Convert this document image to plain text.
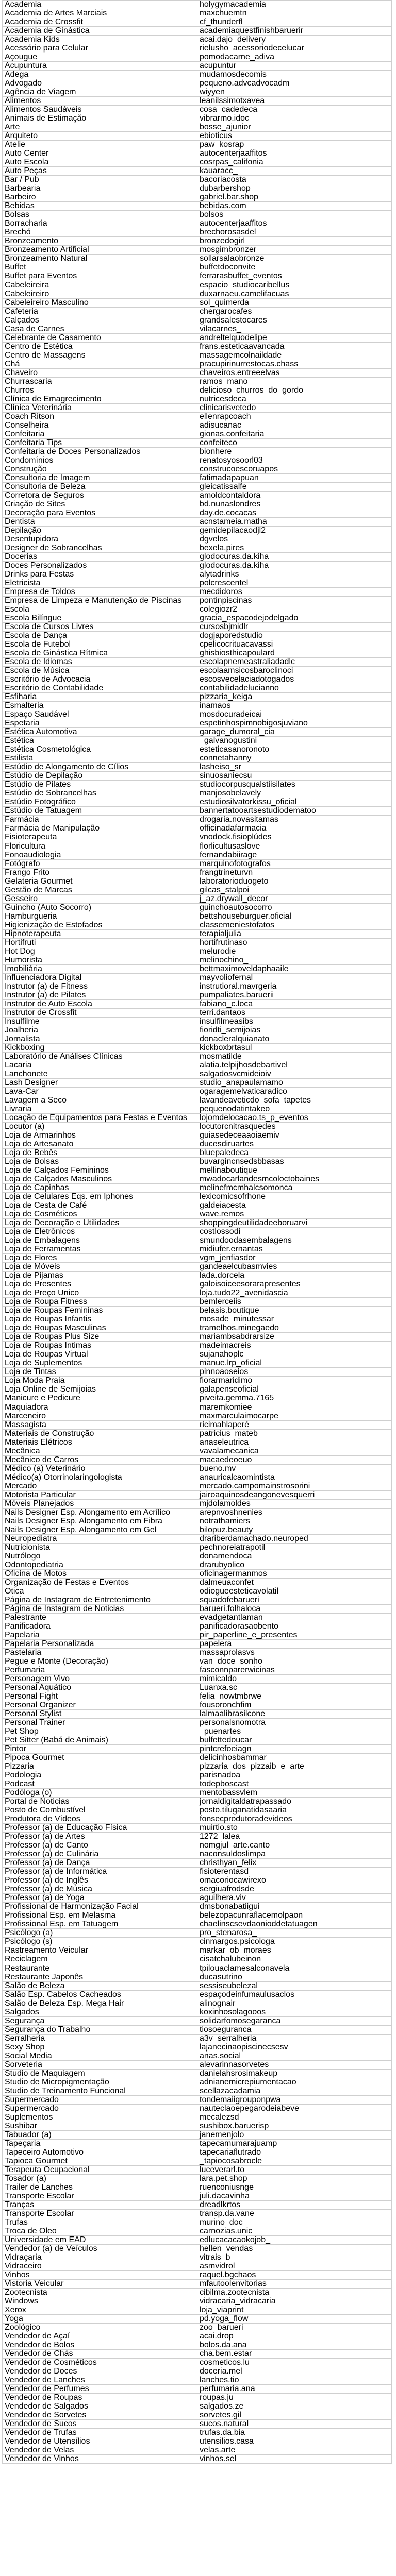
Academia	holygymacademia
Academia de Artes Marciais	maxchuemtn
Academia de Crossfit	cf_thunderfl
Academia de Ginástica	academiaquestfinishbaruerir
Academia Kids	acai.dajo_delivery
Acessório para Celular	rielusho_acessoriodecelucar
Açougue	pomodacarne_adiva
Acupuntura	acupuntur
Adega	mudamosdecomis
Advogado	pequeno.advcadvocadm
Agência de Viagem	wiyyen
Alimentos	leanilssimotxavea
Alimentos Saudáveis	cosa_cadedeca
Animais de Estimação	vibrarmo.idoc
Arte	bosse_ajunior
Arquiteto	ebioticus
Atelie	paw_kosrap
Auto Center	autocenterjaaffitos
Auto Escola	cosrpas_califonia
Auto Peças	kauaracc_
Bar / Pub	bacoriacosta_
Barbearia	dubarbershop
Barbeiro	gabriel.bar.shop
Bebidas	bebidas.com
Bolsas	bolsos
Borracharia	autocenterjaaffitos
Brechó	brechorosasdel
Bronzeamento	bronzedogirl
Bronzeamento Artificial	mosgimbronzer
Bronzeamento Natural	sollarsalaobronze
Buffet	buffetdoconvite
Buffet para Eventos	ferrarasbuffet_eventos
Cabeleireira	espacio_studiocaribellus
Cabeleireiro	duxarnaeu.camelifacuas
Cabeleireiro Masculino	sol_quimerda
Cafeteria	chergarocafes
Calçados	grandsalestocares
Casa de Carnes	vilacarnes_
Celebrante de Casamento	andreltelquodelipe
Centro de Estética	frans.esteticaavancada
Centro de Massagens	massagemcolnaildade
Chá	pracupirinurrestocas.chass
Chaveiro	chaveiros.entreeelvas
Churrascaria	ramos_mano
Churros	delicioso_churros_do_gordo
Clínica de Emagrecimento	nutricesdeca
Clínica Veterinária	clinicarisvetedo
Coach Ritson	ellenrapcoach
Conselheira	adisucanac
Confeitaria	gionas.confeitaria
Confeitaria Tips	confeiteco
Confeitaria de Doces Personalizados	bionhere
Condomínios	renatosyosoorl03
Construção	construcoescoruapos
Consultoria de Imagem	fatimadapapuan
Consultoria de Beleza	gleicatissalfe
Corretora de Seguros	amoldcontaldora
Criação de Sites	bd.nunaslondres
Decoração para Eventos	day.de.cocacas
Dentista	acnstameia.matha
Depilação	gemidepilacaodjl2
Desentupidora	dgvelos
Designer de Sobrancelhas	bexela.pires
Docerias	glodocuras.da.kiha
Doces Personalizados	glodocuras.da.kiha
Drinks para Festas	alytadrinks_
Eletricista	polcrescentel
Empresa de Toldos	mecdidoros
Empresa de Limpeza e Manutenção de Piscinas	pontinpiscinas
Escola	colegiozr2
Escola Bilíngue	gracia_espacodejodelgado
Escola de Cursos Livres	cursosbjmidlr
Escola de Dança	dogjaporedstudio
Escola de Futebol	cpelicocrituacavassi
Escola de Ginástica Rítmica	ghisbiosthicapoulard
Escola de Idiomas	escolapnemeastraliadadlc
Escola de Música	escolaamsicosbaroclinoci
Escritório de Advocacia	escosvecelaciadotogados
Escritório de Contabilidade	contabilidadelucianno
Esfiharia	pizzaria_keiga
Esmalteria	inamaos
Espaço Saudável	mosdocuradeicai
Espetaria	espetinhospimnobigosjuviano
Estética Automotiva	garage_dumoral_cia
Estética	_galvanogustini
Estética Cosmetológica	esteticasanoronoto
Estilista	connetahanny
Estúdio de Alongamento de Cílios	lasheiso_sr
Estúdio de Depilação	sinuosaniecsu
Estúdio de Pilates	studiocorpusqualstiisilates
Estúdio de Sobrancelhas	manjosobelavely
Estúdio Fotográfico	estudiosilvatorkissu_oficial
Estúdio de Tatuagem	bannertatooartsestudiodematoo
Farmácia	drogaria.novasitamas
Farmácia de Manipulação	officinadafarmacia
Fisioterapeuta	vnodock.fisioplúdes
Floricultura	florlicultusaslove
Fonoaudiologia	fernandabiirage
Fotógrafo	marquinofotografos
Frango Frito	frangtrineturvn
Gelateria Gourmet	laboratorioduogeto
Gestão de Marcas	gilcas_stalpoi
Gesseiro	j_az.drywall_decor
Guincho (Auto Socorro)	guinchoautosocorro
Hamburgueria	bettshouseburguer.oficial
Higienização de Estofados	classemeniestofatos
Hipnoterapeuta	terapialjulia
Hortifruti	hortifrutinaso
Hot Dog	melurodie_
Humorista	melinochino_
Imobiliária	bettmaximoveldaphaaile
Influenciadora Digital	mayvoliofernal
Instrutor (a) de Fitness	instrutioral.mavrgeria
Instrutor (a) de Pilates	pumpaliates.baruerii
Instrutor de Auto Escola	fabiano_c.loca
Instrutor de Crossfit	terri.dantaos
Insulfilme	insulfilmeasibs_
Joalheria	fioridti_semijoias
Jornalista	donacleralquianato
Kickboxing	kickboxbrtasul
Laboratório de Análises Clínicas	mosmatilde
Lacaria	alatia.telpijhosdebartivel
Lanchonete	salgadosvcmideioiv
Lash Designer	studio_anapaulamamo
Lava-Car	ogaragemelvaticaradico
Lavagem a Seco	lavandeaveticdo_sofa_tapetes
Livraria	pequenodatintakeo
Locação de Equipamentos para Festas e Eventos	lojomdelocacao.ts_p_eventos
Locutor (a)	locutorcnitrasquedes
Loja de Armarinhos	guiasedeceaaoiaemiv
Loja de Artesanato	ducesdiruartes
Loja de Bebês	bluepaledeca
Loja de Bolsas	buvargincnsedsbbasas
Loja de Calçados Femininos	mellinaboutique
Loja de Calçados Masculinos	mwadocarlandesmcoloctobaines
Loja de Capinhas	melinefmcmhalcsomonca
Loja de Celulares Eqs. em Iphones	lexicomicsofrhone
Loja de Cesta de Café	galdeiacesta
Loja de Cosméticos	wave.remos
Loja de Decoração e Utilidades	shoppingdeutilidadeeboruarvi
Loja de Eletrônicos	costlossodi
Loja de Embalagens	smundoodasembalagens
Loja de Ferramentas	midiufer.ernantas
Loja de Flores	vgm_jenfiasdor
Loja de Móveis	gandeaelcubasmvies
Loja de Pijamas	lada.dorcela
Loja de Presentes	galoisoiceesorarapresentes
Loja de Preço Único	loja.tudo22_avenidascia
Loja de Roupa Fitness	bemlerceiis
Loja de Roupas Femininas	belasis.boutique
Loja de Roupas Infantis	mosade_minutessar
Loja de Roupas Masculinas	tramelhos.minegaedo
Loja de Roupas Plus Size	mariambsabdrarsize
Loja de Roupas Íntimas	madeimacreis
Loja de Roupas Virtual	sujanahoplc
Loja de Suplementos	manue.lrp_oficial
Loja de Tintas	pinnoaoseios
Loja Moda Praia	fiorarmaridimo
Loja Online de Semijoias	galapenseoficial
Manicure e Pedicure	piveita.gemma.7165
Maquiadora	maremkomiee
Marceneiro	maxmarculaimocarpe
Massagista	ricimahlaperé
Materiais de Construção	patricius_mateb
Materiais Elétricos	anaseleutrica
Mecânica	vavalamecanica
Mecânico de Carros	macaedeoeuo
Médico (a) Veterinário	bueno.mv
Médico(a) Otorrinolaringologista	anauricalcaomintista
Mercado	mercado.campomainstrosorini
Motorista Particular	jairoaquinosdeangonevesquerri
Móveis Planejados	mjdolamoldes
Nails Designer Esp. Alongamento em Acrílico	arepnvoshnenies
Nails Designer Esp. Alongamento em Fibra	notrathamiers
Nails Designer Esp. Alongamento em Gel	bilopuz.beauty
Neuropediatra	drariberdamachado.neuroped
Nutricionista	pechnoreiatrapotil
Nutrólogo	donamendoca
Odontopediatria	drarubyolico
Oficina de Motos	oficinagermanmos
Organização de Festas e Eventos	dalmeuaconfet_
Ótica	odiogueesteticavolatil
Página de Instagram de Entretenimento	squadofebarueri
Página de Instagram de Noticias	barueri.folhaloca
Palestrante	evadgetantlaman
Panificadora	panificadorasaobento
Papelaria	pir_paperline_e_presentes
Papelaria Personalizada	papelera
Pastelaria	massaprolasvs
Pegue e Monte (Decoração)	van_doce_sonho
Perfumaria	fasconnparerwicinas
Personagem Vivo	mimicaldo
Personal Aquático	Luanxa.sc
Personal Fight	felia_nowtmbrwe
Personal Organizer	fousoronchfim
Personal Stylist	lalmaalibrasilcone
Personal Trainer	personalsnomotra
Pet Shop	_puenartes
Pet Sitter (Babá de Animais)	bulfettedoucar
Pintor	pintcrefoeiagn
Pipoca Gourmet	delicinhosbammar
Pizzaria	pizzaria_dos_pizzaib_e_arte
Podologia	parisnadoa
Podcast	todepboscast
Podóloga (o)	mentobassvlem
Portal de Noticias	jornaldigitaldatrapassado
Posto de Combustível	posto.tiluganatidasaaria
Produtora de Vídeos	fonsecprodutoradevideos
Professor (a) de Educação Física	muirtio.sto
Professor (a) de Artes	1272_lalea
Professor (a) de Canto	nomgjul_arte.canto
Professor (a) de Culinária	naconsuldoslimpa
Professor (a) de Dança	christhyan_felix
Professor (a) de Informática	fisioterentasd_
Professor (a) de Inglês	omacoriocawirexo
Professor (a) de Música	sergiuafrodsde
Professor (a) de Yoga	aguilhera.viv
Profissional de Harmonização Facial	dmsbonabatiigui
Profissional Esp. em Melasma	belezopacunraflacemolpaon
Profissional Esp. em Tatuagem	chaelinscsevdaonioddetatuagen
Psicólogo (a)	pro_stenarosa_
Psicólogo (s)	cinmargos.psicologa
Rastreamento Veicular	markar_ob_moraes
Reciclagem	cisatchalubeinon
Restaurante	tpilouaclamesalconavela
Restaurante Japonês	ducasutrino
Salão de Beleza	sessiseubelezal
Salão Esp. Cabelos Cacheados	espaçodeinfumaulusaclos
Salão de Beleza Esp. Mega Hair	alinognair
Salgados	koxinhosolagooos
Segurança	solidarfomosegaranca
Segurança do Trabalho	tiosoeguranca
Serralheria	a3v_serralheria
Sexy Shop	lajanecinaopiscinecsesv
Social Media	anas.social
Sorveteria	alevarinnasorvetes
Studio de Maquiagem	danielahsrosimakeup
Studio de Micropigmentação	adnianemicrepiumentacao
Studio de Treinamento Funcional	scellazacadamia
Supermercado	tondemaiigrouponpwa
Supermercado	nauteclaoepegarodeiabeve
Suplementos	mecalezsd
Sushibar	sushibox.baruerisp
Tabuador (a)	janemenjolo
Tapeçaria	tapecamumarajuamp
Tapeceiro Automotivo	tapecariaflutrado_
Tapioca Gourmet	_tapiocosabrocle
Terapeuta Ocupacional	luceverarl.to
Tosador (a)	lara.pet.shop
Trailer de Lanches	ruenconiusnge
Transporte Escolar	juli.dacavinha
Tranças	dreadlkrtos
Transporte Escolar	transp.da.vane
Trufas	murino_doc
Troca de Óleo	carnozias.unic
Universidade em EAD	edlucacacaokojob_
Vendedor (a) de Veículos	hellen_vendas
Vidraçaria	vitrais_b
Vidraceiro	asmvidrol
Vinhos	raquel.bgchaos
Vistoria Veicular	mfautoolenvitorias
Zootecnista	cibilma.zootecnista
Windows	vidracaria_vidracaria
Xerox	loja_viaprint
Yoga	pd.yoga_flow
Zoológico	zoo_barueri
Vendedor de Açaí	acai.drop
Vendedor de Bolos	bolos.da.ana
Vendedor de Chás	cha.bem.estar
Vendedor de Cosméticos	cosmeticos.lu
Vendedor de Doces	doceria.mel
Vendedor de Lanches	lanches.tio
Vendedor de Perfumes	perfumaria.ana
Vendedor de Roupas	roupas.ju
Vendedor de Salgados	salgados.ze
Vendedor de Sorvetes	sorvetes.gil
Vendedor de Sucos	sucos.natural
Vendedor de Trufas	trufas.da.bia
Vendedor de Utensílios	utensilios.casa
Vendedor de Velas	velas.arte
Vendedor de Vinhos	vinhos.sel
